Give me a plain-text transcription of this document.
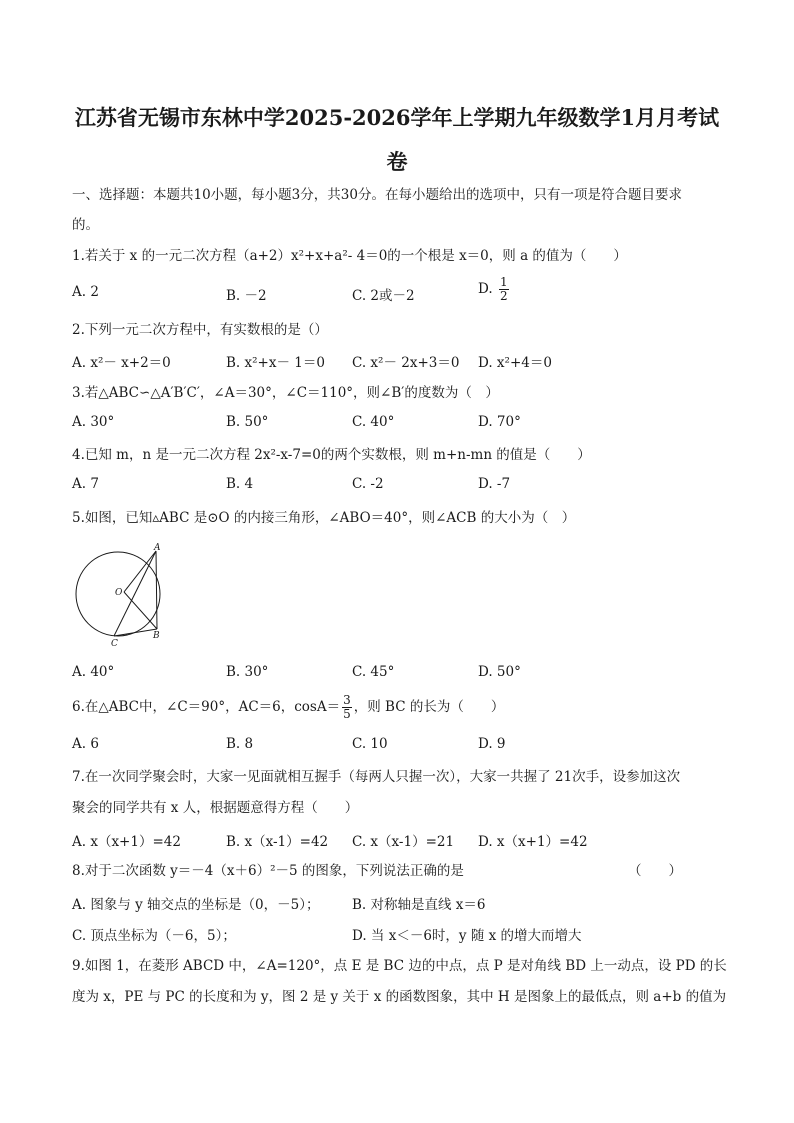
江苏省无锡市东林中学2025-2026学年上学期九年级数学1月月考试
卷
一、选择题：本题共10小题，每小题3分，共30分。在每小题给出的选项中，只有一项是符合题目要求
的。
1.若关于 x 的一元二次方程（a+2）x²+x+a²- 4＝0的一个根是 x＝0，则 a 的值为（　　）
A. 2	B. －2	C. 2或－2	D. $\frac{1}{2}$
2.下列一元二次方程中，有实数根的是（）
A. x²－ x+2＝0	B. x²+x－ 1＝0 C. x²－ 2x+3＝0 D. x²+4＝0
3.若△ABC∽△A′B′C′，∠A＝30°，∠C＝110°，则∠B′的度数为（　）
A. 30°	B. 50°	C. 40°	D. 70°
4.已知 m，n 是一元二次方程 2x²-x-7=0的两个实数根，则 m+n-mn 的值是（　　）
A. 7	B. 4	C. -2	D. -7
5.如图，已知▵ABC 是⊙O 的内接三角形，∠ABO＝40°，则∠ACB 的大小为（　）
A
B
C
O
A. 40°	B. 30°	C. 45°	D. 50°
6.在△ABC中，∠C＝90°，AC＝6，$\cos A= \frac{3}{5}$ ，则 BC 的长为（　　）
A. 6	B. 8	C. 10	D. 9
7.在一次同学聚会时，大家一见面就相互握手（每两人只握一次），大家一共握了 21次手，设参加这次
聚会的同学共有 x 人，根据题意得方程（　　）
A. x（x+1）=42	B. x（x-1）=42 C. x（x-1）=21 D. x（x+1）=42
8.对于二次函数 y＝－4（x＋6）²－5 的图象，下列说法正确的是	（　　）
A. 图象与 y 轴交点的坐标是（0，－5）； B. 对称轴是直线 x＝6
C. 顶点坐标为（－6，5）；	D. 当 x＜－6时，y 随 x 的增大而增大
9.如图 1，在菱形 ABCD 中，∠A=120°，点 E 是 BC 边的中点，点 P 是对角线 BD 上一动点，设 PD 的长
度为 x，PE 与 PC 的长度和为 y，图 2 是 y 关于 x 的函数图象，其中 H 是图象上的最低点，则 a+b 的值为
